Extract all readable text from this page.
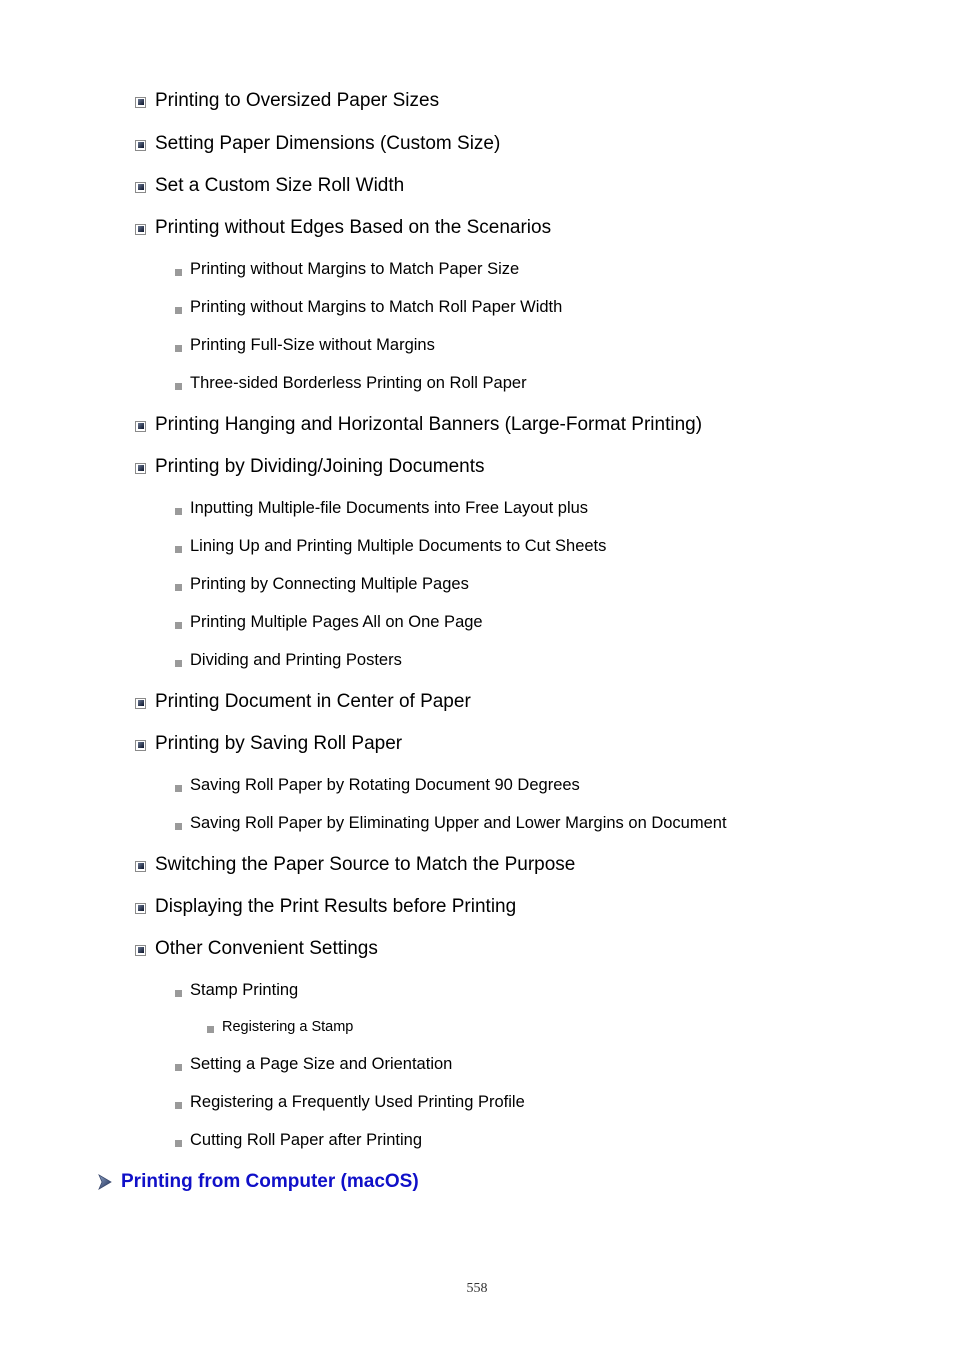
Printing to Oversized Paper Sizes
Setting Paper Dimensions (Custom Size)
Set a Custom Size Roll Width
Printing without Edges Based on the Scenarios
Printing without Margins to Match Paper Size
Printing without Margins to Match Roll Paper Width
Printing Full-Size without Margins
Three-sided Borderless Printing on Roll Paper
Printing Hanging and Horizontal Banners (Large-Format Printing)
Printing by Dividing/Joining Documents
Inputting Multiple-file Documents into Free Layout plus
Lining Up and Printing Multiple Documents to Cut Sheets
Printing by Connecting Multiple Pages
Printing Multiple Pages All on One Page
Dividing and Printing Posters
Printing Document in Center of Paper
Printing by Saving Roll Paper
Saving Roll Paper by Rotating Document 90 Degrees
Saving Roll Paper by Eliminating Upper and Lower Margins on Document
Switching the Paper Source to Match the Purpose
Displaying the Print Results before Printing
Other Convenient Settings
Stamp Printing
Registering a Stamp
Setting a Page Size and Orientation
Registering a Frequently Used Printing Profile
Cutting Roll Paper after Printing
Printing from Computer (macOS)
558
